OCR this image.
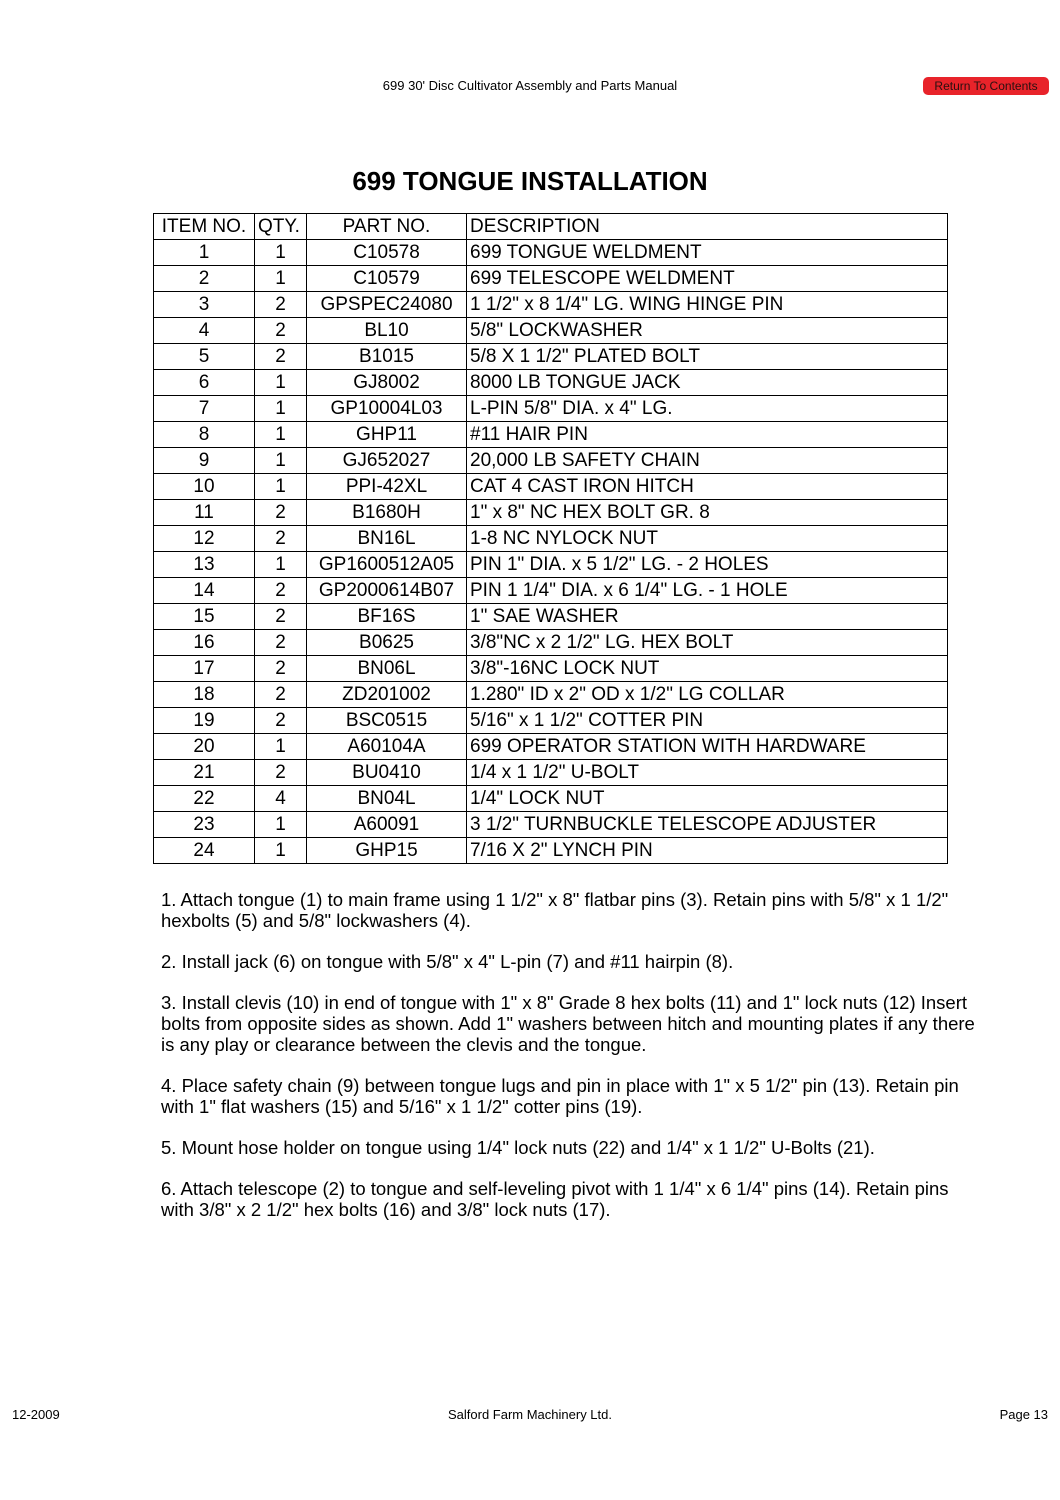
699 30' Disc Cultivator Assembly and Parts Manual	Return To Contents
699 TONGUE INSTALLATION
ITEM NO.	QTY.	PART NO.	DESCRIPTION
1	1	C10578	699 TONGUE WELDMENT
2	1	C10579	699 TELESCOPE WELDMENT
3	2	GPSPEC24080	1 1/2" x 8 1/4" LG. WING HINGE PIN
4	2	BL10	5/8" LOCKWASHER
5	2	B1015	5/8 X 1 1/2" PLATED BOLT
6	1	GJ8002	8000 LB TONGUE JACK
7	1	GP10004L03	L-PIN 5/8" DIA. x 4" LG.
8	1	GHP11	#11 HAIR PIN
9	1	GJ652027	20,000 LB SAFETY CHAIN
10	1	PPI-42XL	CAT 4 CAST IRON HITCH
11	2	B1680H	1" x 8" NC HEX BOLT GR. 8
12	2	BN16L	1-8 NC NYLOCK NUT
13	1	GP1600512A05	PIN 1" DIA. x 5 1/2" LG. - 2 HOLES
14	2	GP2000614B07	PIN 1 1/4" DIA. x 6 1/4" LG. - 1 HOLE
15	2	BF16S	1" SAE WASHER
16	2	B0625	3/8"NC x 2 1/2" LG. HEX BOLT
17	2	BN06L	3/8"-16NC LOCK NUT
18	2	ZD201002	1.280" ID x 2" OD x 1/2" LG COLLAR
19	2	BSC0515	5/16" x 1 1/2" COTTER PIN
20	1	A60104A	699 OPERATOR STATION WITH HARDWARE
21	2	BU0410	1/4 x 1 1/2" U-BOLT
22	4	BN04L	1/4" LOCK NUT
23	1	A60091	3 1/2" TURNBUCKLE TELESCOPE ADJUSTER
24	1	GHP15	7/16 X 2" LYNCH PIN

1. Attach tongue (1) to main frame using 1 1/2" x 8" flatbar pins (3). Retain pins with 5/8" x 1 1/2" hexbolts (5) and 5/8" lockwashers (4).

2. Install jack (6) on tongue with 5/8" x 4" L-pin (7) and #11 hairpin (8).

3. Install clevis (10) in end of tongue with 1" x 8" Grade 8 hex bolts (11) and 1" lock nuts (12) Insert bolts from opposite sides as shown. Add 1" washers between hitch and mounting plates if any there is any play or clearance between the clevis and the tongue.

4. Place safety chain (9) between tongue lugs and pin in place with 1" x 5 1/2" pin (13). Retain pin with 1" flat washers (15) and 5/16" x 1 1/2" cotter pins (19).

5. Mount hose holder on tongue using 1/4" lock nuts (22) and 1/4" x 1 1/2" U-Bolts (21).

6. Attach telescope (2) to tongue and self-leveling pivot with 1 1/4" x 6 1/4" pins (14). Retain pins with 3/8" x 2 1/2" hex bolts (16) and 3/8" lock nuts (17).

12-2009	Salford Farm Machinery Ltd.	Page 13
